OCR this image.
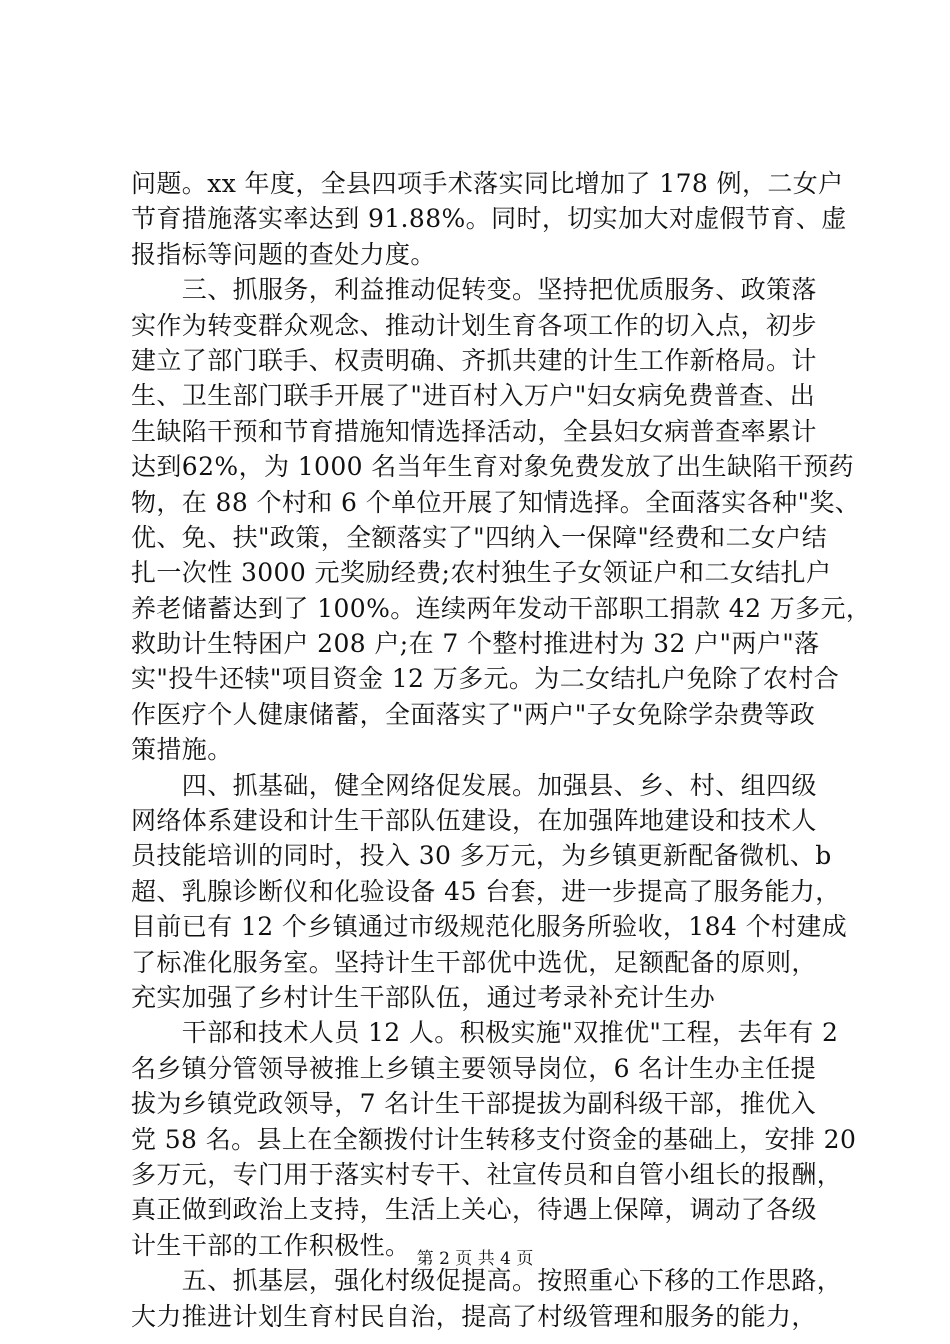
问题。xx 年度，全县四项手术落实同比增加了 178 例，二女户
节育措施落实率达到 91.88%。同时，切实加大对虚假节育、虚
报指标等问题的查处力度。
　　三、抓服务，利益推动促转变。坚持把优质服务、政策落
实作为转变群众观念、推动计划生育各项工作的切入点，初步
建立了部门联手、权责明确、齐抓共建的计生工作新格局。计
生、卫生部门联手开展了"进百村入万户"妇女病免费普查、出
生缺陷干预和节育措施知情选择活动，全县妇女病普查率累计
达到62%，为 1000 名当年生育对象免费发放了出生缺陷干预药
物，在 88 个村和 6 个单位开展了知情选择。全面落实各种"奖、
优、免、扶"政策，全额落实了"四纳入一保障"经费和二女户结
扎一次性 3000 元奖励经费;农村独生子女领证户和二女结扎户
养老储蓄达到了 100%。连续两年发动干部职工捐款 42 万多元，
救助计生特困户 208 户;在 7 个整村推进村为 32 户"两户"落
实"投牛还犊"项目资金 12 万多元。为二女结扎户免除了农村合
作医疗个人健康储蓄，全面落实了"两户"子女免除学杂费等政
策措施。
　　四、抓基础，健全网络促发展。加强县、乡、村、组四级
网络体系建设和计生干部队伍建设，在加强阵地建设和技术人
员技能培训的同时，投入 30 多万元，为乡镇更新配备微机、b
超、乳腺诊断仪和化验设备 45 台套，进一步提高了服务能力，
目前已有 12 个乡镇通过市级规范化服务所验收，184 个村建成
了标准化服务室。坚持计生干部优中选优，足额配备的原则，
充实加强了乡村计生干部队伍，通过考录补充计生办
　　干部和技术人员 12 人。积极实施"双推优"工程，去年有 2
名乡镇分管领导被推上乡镇主要领导岗位，6 名计生办主任提
拔为乡镇党政领导，7 名计生干部提拔为副科级干部，推优入
党 58 名。县上在全额拨付计生转移支付资金的基础上，安排 20
多万元，专门用于落实村专干、社宣传员和自管小组长的报酬，
真正做到政治上支持，生活上关心，待遇上保障，调动了各级
计生干部的工作积极性。
　　五、抓基层，强化村级促提高。按照重心下移的工作思路，
大力推进计划生育村民自治，提高了村级管理和服务的能力，
第 2 页 共 4 页
